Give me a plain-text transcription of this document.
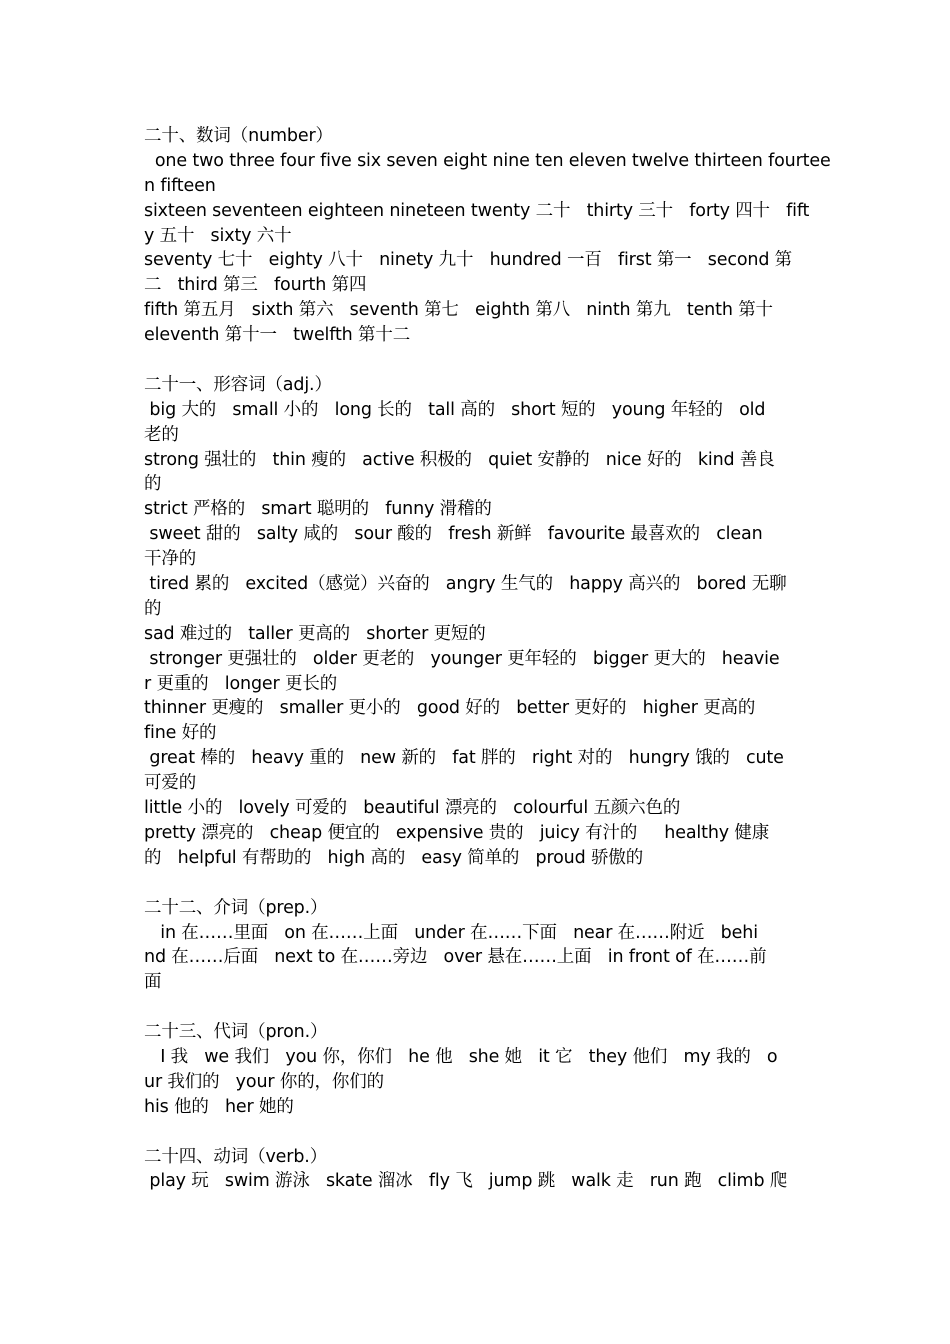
二十、数词（number）
one two three four five six seven eight nine ten eleven twelve thirteen fourtee
n fifteen
sixteen seventeen eighteen nineteen twenty 二十   thirty 三十   forty 四十   fift
y 五十   sixty 六十
seventy 七十   eighty 八十   ninety 九十   hundred 一百   first 第一   second 第
二   third 第三   fourth 第四
fifth 第五月   sixth 第六   seventh 第七   eighth 第八   ninth 第九   tenth 第十
eleventh 第十一   twelfth 第十二
二十一、形容词（adj.）
big 大的   small 小的   long 长的   tall 高的   short 短的   young 年轻的   old
老的
strong 强壮的   thin 瘦的   active 积极的   quiet 安静的   nice 好的   kind 善良
的
strict 严格的   smart 聪明的   funny 滑稽的
sweet 甜的   salty 咸的   sour 酸的   fresh 新鲜   favourite 最喜欢的   clean
干净的
tired 累的   excited（感觉）兴奋的   angry 生气的   happy 高兴的   bored 无聊
的
sad 难过的   taller 更高的   shorter 更短的
stronger 更强壮的   older 更老的   younger 更年轻的   bigger 更大的   heavie
r 更重的   longer 更长的
thinner 更瘦的   smaller 更小的   good 好的   better 更好的   higher 更高的
fine 好的
great 棒的   heavy 重的   new 新的   fat 胖的   right 对的   hungry 饿的   cute
可爱的
little 小的   lovely 可爱的   beautiful 漂亮的   colourful 五颜六色的
pretty 漂亮的   cheap 便宜的   expensive 贵的   juicy 有汁的     healthy 健康
的   helpful 有帮助的   high 高的   easy 简单的   proud 骄傲的
二十二、介词（prep.）
in 在……里面   on 在……上面   under 在……下面   near 在……附近   behi
nd 在……后面   next to 在……旁边   over 悬在……上面   in front of 在……前
面
二十三、代词（pron.）
I 我   we 我们   you 你，你们   he 他   she 她   it 它   they 他们   my 我的   o
ur 我们的   your 你的，你们的
his 他的   her 她的
二十四、动词（verb.）
play 玩   swim 游泳   skate 溜冰   fly 飞   jump 跳   walk 走   run 跑   climb 爬
